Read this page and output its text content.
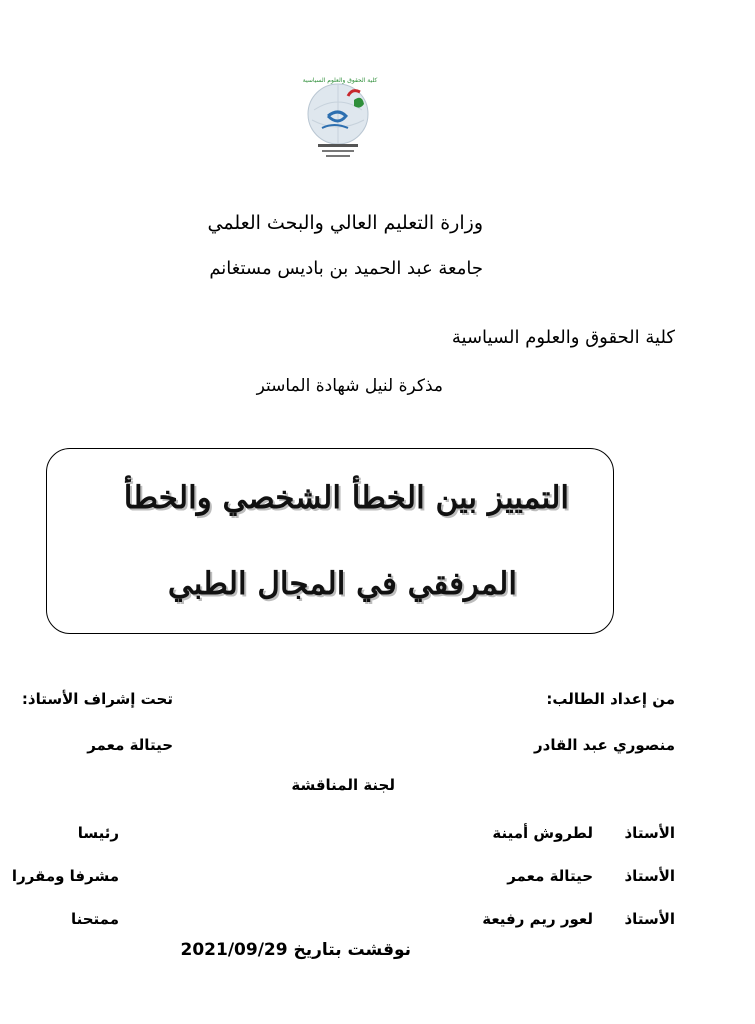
كلية الحقوق والعلوم السياسية
وزارة التعليم العالي والبحث العلمي
جامعة عبد الحميد بن باديس مستغانم
كلية الحقوق والعلوم السياسية
مذكرة لنيل شهادة الماستر
التمييز بين الخطأ الشخصي والخطأ
المرفقي في المجال الطبي
من إعداد الطالب:
تحت إشراف الأستاذ:
منصوري عبد القادر
حيتالة معمر
لجنة المناقشة
الأستاذ
لطروش أمينة
رئيسا
الأستاذ
حيتالة معمر
مشرفا ومقررا
الأستاذ
لعور ريم رفيعة
ممتحنا
نوقشت بتاريخ 2021/09/29
